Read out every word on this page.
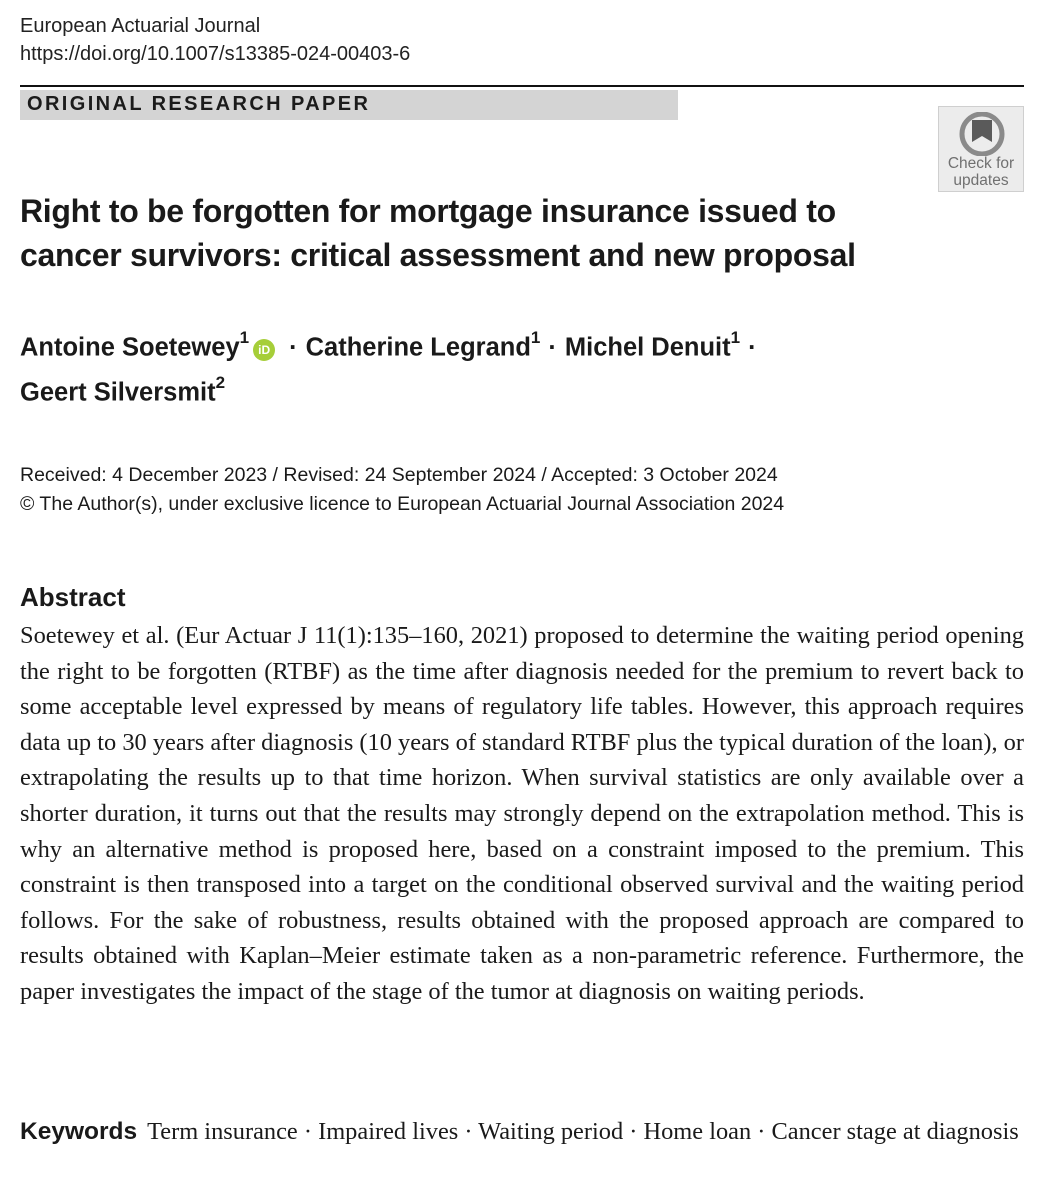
European Actuarial Journal
https://doi.org/10.1007/s13385-024-00403-6
ORIGINAL RESEARCH PAPER
Check for
updates
Right to be forgotten for mortgage insurance issued to
cancer survivors: critical assessment and new proposal
Antoine Soetewey$^1$iD · Catherine Legrand$^1$ · Michel Denuit$^1$ ·
Geert Silversmit$^2$
Received: 4 December 2023 / Revised: 24 September 2024 / Accepted: 3 October 2024
© The Author(s), under exclusive licence to European Actuarial Journal Association 2024
Abstract
Soetewey et al. (Eur Actuar J 11(1):135–160, 2021) proposed to determine the waiting period opening the right to be forgotten (RTBF) as the time after diagnosis needed for the premium to revert back to some acceptable level expressed by means of regulatory life tables. However, this approach requires data up to 30 years after diagnosis (10 years of standard RTBF plus the typical duration of the loan), or extrapolating the results up to that time horizon. When survival statistics are only available over a shorter duration, it turns out that the results may strongly depend on the extrapolation method. This is why an alternative method is proposed here, based on a constraint imposed to the premium. This constraint is then transposed into a target on the conditional observed survival and the waiting period follows. For the sake of robustness, results obtained with the proposed approach are compared to results obtained with Kaplan–Meier estimate taken as a non-parametric reference. Furthermore, the paper investigates the impact of the stage of the tumor at diagnosis on waiting periods.
Keywords Term insurance · Impaired lives · Waiting period · Home loan · Cancer stage at diagnosis
